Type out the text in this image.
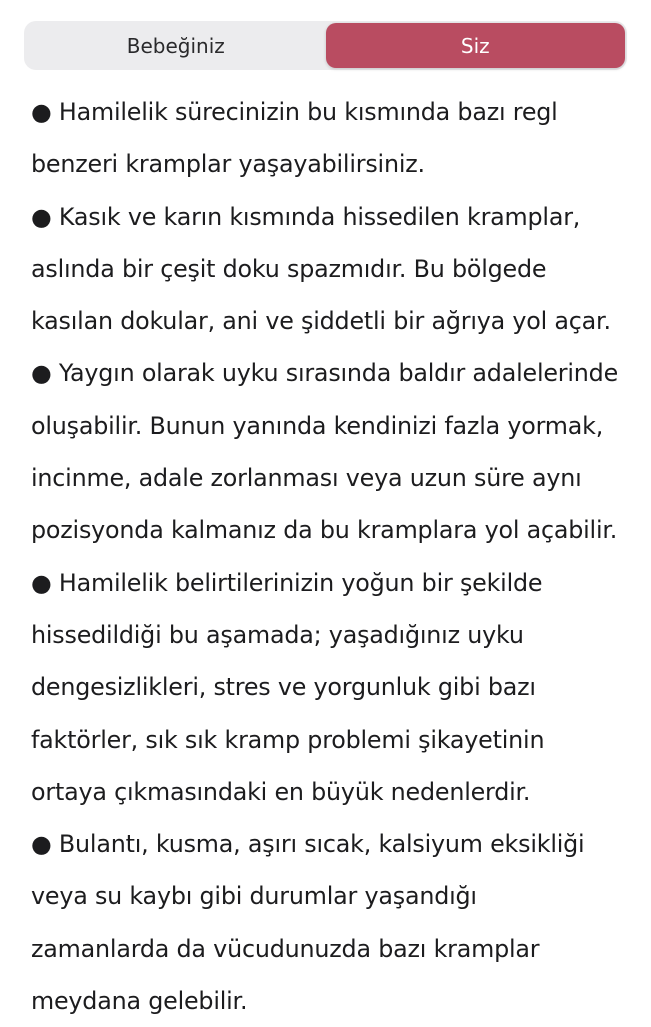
Bebeğiniz	Siz
● Hamilelik sürecinizin bu kısmında bazı regl
benzeri kramplar yaşayabilirsiniz.
● Kasık ve karın kısmında hissedilen kramplar,
aslında bir çeşit doku spazmıdır. Bu bölgede
kasılan dokular, ani ve şiddetli bir ağrıya yol açar.
● Yaygın olarak uyku sırasında baldır adalelerinde
oluşabilir. Bunun yanında kendinizi fazla yormak,
incinme, adale zorlanması veya uzun süre aynı
pozisyonda kalmanız da bu kramplara yol açabilir.
● Hamilelik belirtilerinizin yoğun bir şekilde
hissedildiği bu aşamada; yaşadığınız uyku
dengesizlikleri, stres ve yorgunluk gibi bazı
faktörler, sık sık kramp problemi şikayetinin
ortaya çıkmasındaki en büyük nedenlerdir.
● Bulantı, kusma, aşırı sıcak, kalsiyum eksikliği
veya su kaybı gibi durumlar yaşandığı
zamanlarda da vücudunuzda bazı kramplar
meydana gelebilir.
